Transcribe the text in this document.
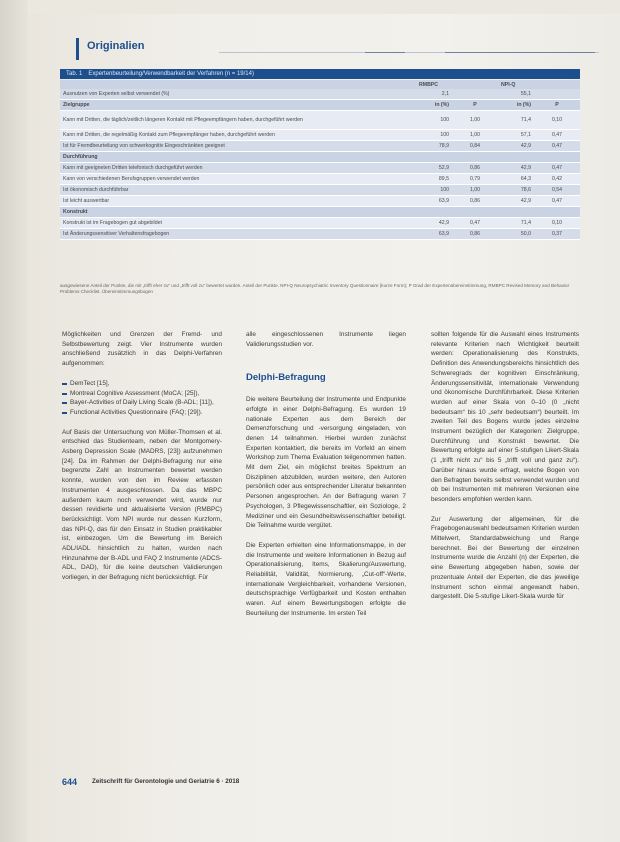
Originalien
Tab. 1 Expertenbeurteilung/Verwendbarkeit der Verfahren (n = 19/14)
	RMBPC		NPI-Q	
Ausnutzen von Experten selbst verwendet (%)	2,1		55,1	
Zielgruppe	in (%)	P	in (%)	P
Kann mit Dritten, die täglich/zeitlich längeren Kontakt mit Pflegeempfängern haben, durchgeführt werden	100	1,00	71,4	0,10
Kann mit Dritten, die regelmäßig Kontakt zum Pflegeempfänger haben, durchgeführt werden	100	1,00	57,1	0,47
Ist für Fremdbeurteilung von schwerkognitiv Eingeschränkten geeignet	78,9	0,84	42,9	0,47
Durchführung				
Kann mit geeigneten Dritten telefonisch durchgeführt werden	52,9	0,86	42,9	0,47
Kann von verschiedenen Berufsgruppen verwendet werden	89,5	0,79	64,3	0,42
Ist ökonomisch durchführbar	100	1,00	78,6	0,54
Ist leicht auswertbar	63,9	0,86	42,9	0,47
Konstrukt				
Konstrukt ist im Fragebogen gut abgebildet	42,9	0,47	71,4	0,10
Ist Änderungssensitiver Verhaltensfragebogen	63,9	0,86	50,0	0,37
ausgewiesene Anteil der Punkte, die mit „trifft eher zu“ und „trifft voll zu“ bewertet wurden. Anteil der Punkte. NPI-Q Neuropsychiatric Inventory Questionnaire (kurze Form); P Grad der Expertenübereinstimmung, RMBPC Revised Memory and Behavior Problems Checklist. Übereinstimmungsbogen

Möglichkeiten und Grenzen der Fremd- und Selbstbewertung zeigt. Vier Instrumente wurden anschließend zusätzlich in das Delphi-Verfahren aufgenommen:

DemTect [15],
Montreal Cognitive Assessment (MoCA; [25]),
Bayer-Activities of Daily Living Scale (B-ADL; [11]),
Functional Activities Questionnaire (FAQ; [29]).

Auf Basis der Untersuchung von Müller-Thomsen et al. entschied das Studienteam, neben der Montgomery-Asberg Depression Scale (MADRS, [23]) aufzunehmen [24]. Da im Rahmen der Delphi-Befragung nur eine begrenzte Zahl an Instrumenten bewertet werden konnte, wurden von den im Review erfassten Instrumenten 4 ausgeschlossen. Da das MBPC außerdem kaum noch verwendet wird, wurde nur dessen revidierte und aktualisierte Version (RMBPC) berücksichtigt. Vom NPI wurde nur dessen Kurzform, das NPI-Q, das für den Einsatz in Studien praktikabler ist, einbezogen. Um die Bewertung im Bereich ADL/IADL hinsichtlich zu halten, wurden nach Hinzunahme der B-ADL und FAQ 2 Instrumente (ADCS-ADL, DAD), für die keine deutschen Validierungen vorliegen, in der Befragung nicht berücksichtigt. Für

alle eingeschlossenen Instrumente liegen Validierungsstudien vor.

Delphi-Befragung

Die weitere Beurteilung der Instrumente und Endpunkte erfolgte in einer Delphi-Befragung. Es wurden 19 nationale Experten aus dem Bereich der Demenzforschung und -versorgung eingeladen, von denen 14 teilnahmen. Hierbei wurden zunächst Experten kontaktiert, die bereits im Vorfeld an einem Workshop zum Thema Evaluation teilgenommen hatten. Mit dem Ziel, ein möglichst breites Spektrum an Disziplinen abzubilden, wurden weitere, den Autoren persönlich oder aus entsprechender Literatur bekannten Personen angesprochen. An der Befragung waren 7 Psychologen, 3 Pflegewissenschaftler, ein Soziologe, 2 Mediziner und ein Gesundheitswissenschaftler beteiligt. Die Teilnahme wurde vergütet.

Die Experten erhielten eine Informationsmappe, in der die Instrumente und weitere Informationen in Bezug auf Operationalisierung, Items, Skalierung/Auswertung, Reliabilität, Validität, Normierung, „Cut-off“-Werte, internationale Vergleichbarkeit, vorhandene Versionen, deutschsprachige Verfügbarkeit und Kosten enthalten waren. Auf einem Bewertungsbogen erfolgte die Beurteilung der Instrumente. Im ersten Teil

sollten folgende für die Auswahl eines Instruments relevante Kriterien nach Wichtigkeit beurteilt werden: Operationalisierung des Konstrukts, Definition des Anwendungsbereichs hinsichtlich des Schweregrads der kognitiven Einschränkung, Änderungssensitivität, internationale Verwendung und ökonomische Durchführbarkeit. Diese Kriterien wurden auf einer Skala von 0–10 (0 „nicht bedeutsam“ bis 10 „sehr bedeutsam“) beurteilt. Im zweiten Teil des Bogens wurde jedes einzelne Instrument bezüglich der Kategorien: Zielgruppe, Durchführung und Konstrukt bewertet. Die Bewertung erfolgte auf einer 5-stufigen Likert-Skala (1 „trifft nicht zu“ bis 5 „trifft voll und ganz zu“). Darüber hinaus wurde erfragt, welche Bogen von den Befragten bereits selbst verwendet wurden und ob bei Instrumenten mit mehreren Versionen eine besonders empfohlen werden kann.

Zur Auswertung der allgemeinen, für die Fragebogenauswahl bedeutsamen Kriterien wurden Mittelwert, Standardabweichung und Range berechnet. Bei der Bewertung der einzelnen Instrumente wurde die Anzahl (n) der Experten, die eine Bewertung abgegeben haben, sowie der prozentuale Anteil der Experten, die das jeweilige Instrument schon einmal angewandt haben, dargestellt. Die 5-stufige Likert-Skala wurde für

644 Zeitschrift für Gerontologie und Geriatrie 6 · 2018
